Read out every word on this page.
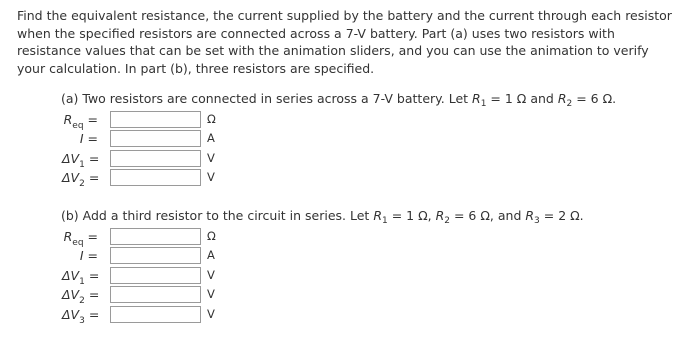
Find the equivalent resistance, the current supplied by the battery and the current through each resistor when the specified resistors are connected across a 7-V battery. Part (a) uses two resistors with resistance values that can be set with the animation sliders, and you can use the animation to verify your calculation. In part (b), three resistors are specified.

(a) Two resistors are connected in series across a 7-V battery. Let $R_1 = 1$ Ω and $R_2 = 6$ Ω.

$R_{eq}$ =	Ω
I =	A
$\Delta V_1$ =	V
$\Delta V_2$ =	V

(b) Add a third resistor to the circuit in series. Let $R_1 = 1$ Ω, $R_2 = 6$ Ω, and $R_3 = 2$ Ω.

$R_{eq}$ =	Ω
I =	A
$\Delta V_1$ =	V
$\Delta V_2$ =	V
$\Delta V_3$ =	V
